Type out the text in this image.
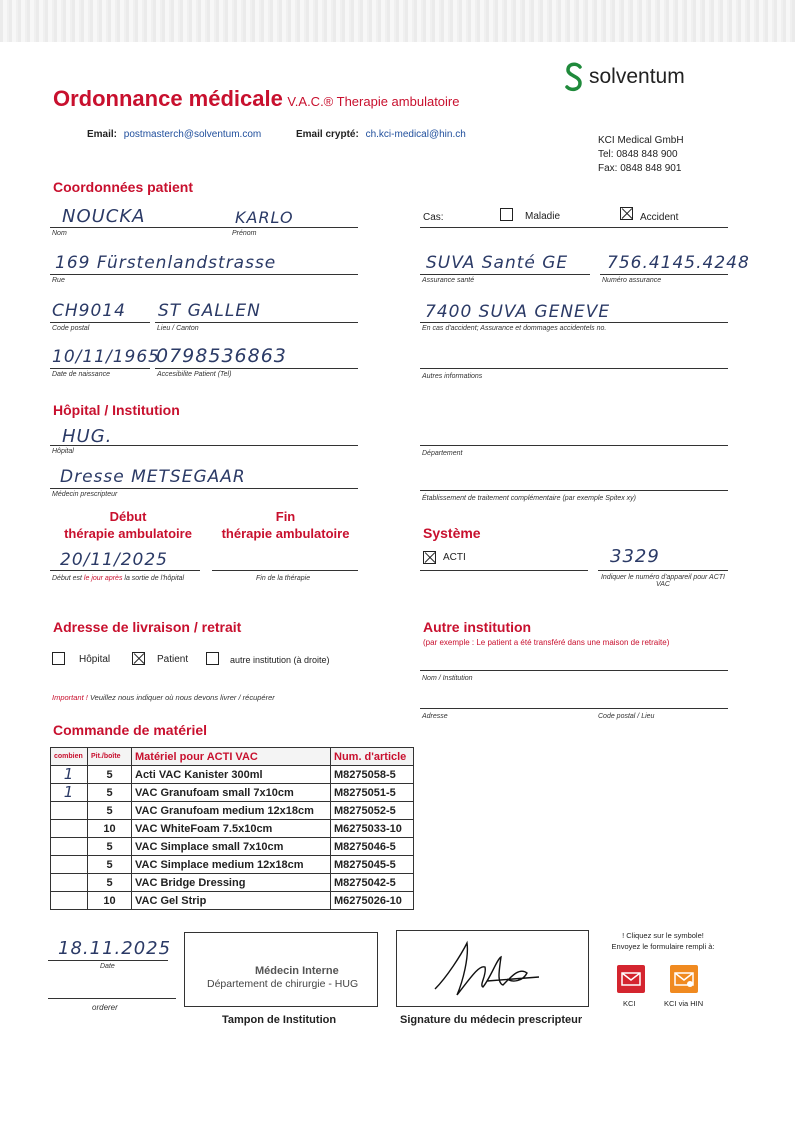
solventum
Ordonnance médicale V.A.C.® Therapie ambulatoire
Email: postmasterch@solventum.com	Email crypté: ch.kci-medical@hin.ch
KCI Medical GmbH
Tel: 0848 848 900
Fax: 0848 848 901
Coordonnées patient
NOUCKA
Nom
KARLO
Prénom
169 Fürstenlandstrasse
Rue
CH9014
Code postal
ST GALLEN
Lieu / Canton
10/11/1965
Date de naissance
0798536863
Accesibilite Patient (Tel)
Cas:	Maladie	Accident
SUVA Santé GE
Assurance santé
756.4145.4248
Numéro assurance
7400 SUVA GENEVE
En cas d'accident; Assurance et dommages accidentels no.
Autres informations
Hôpital / Institution
HUG.
Hôpital
Dresse METSEGAAR
Médecin prescripteur
Département
Établissement de traitement complémentaire (par exemple Spitex xy)
Début
thérapie ambulatoire
Fin
thérapie ambulatoire
20/11/2025
Début est le jour après la sortie de l'hôpital	Fin de la thérapie
Système
ACTI	3329
Indiquer le numéro d'appareil pour ACTI VAC
Adresse de livraison / retrait
Hôpital	Patient	autre institution (à droite)
Important ! Veuillez nous indiquer où nous devons livrer / récupérer
Autre institution
(par exemple : Le patient a été transféré dans une maison de retraite)
Nom / Institution
Adresse	Code postal / Lieu
Commande de matériel
combien	Pit./boîte	Matériel pour ACTI VAC	Num. d'article
1	5	Acti VAC Kanister 300ml	M8275058-5
1	5	VAC Granufoam small 7x10cm	M8275051-5
	5	VAC Granufoam medium 12x18cm	M8275052-5
	10	VAC WhiteFoam 7.5x10cm	M6275033-10
	5	VAC Simplace small 7x10cm	M8275046-5
	5	VAC Simplace medium 12x18cm	M8275045-5
	5	VAC Bridge Dressing	M8275042-5
	10	VAC Gel Strip	M6275026-10
18.11.2025
Date
orderer
Médecin Interne
Département de chirurgie - HUG
Tampon de Institution	Signature du médecin prescripteur
! Cliquez sur le symbole!
Envoyez le formulaire rempli à:
KCI	KCI via HIN
